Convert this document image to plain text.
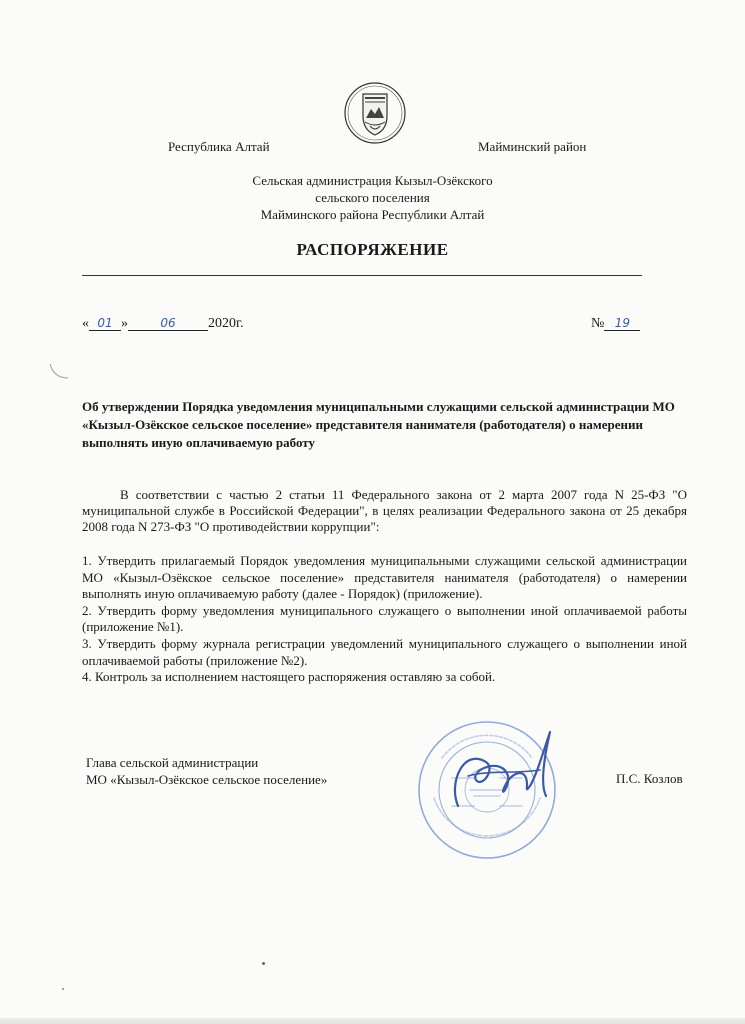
Республика Алтай	Майминский район
Сельская администрация Кызыл-Озёкского
сельского поселения
Майминского района Республики Алтай
РАСПОРЯЖЕНИЕ
« 01 »	06 2020г.	№ 19
Об утверждении Порядка уведомления муниципальными служащими сельской администрации МО «Кызыл-Озёкское сельское поселение» представителя нанимателя (работодателя) о намерении выполнять иную оплачиваемую работу
В соответствии с частью 2 статьи 11 Федерального закона от 2 марта 2007 года N 25-ФЗ "О муниципальной службе в Российской Федерации", в целях реализации Федерального закона от 25 декабря 2008 года N 273-ФЗ "О противодействии коррупции":

1. Утвердить прилагаемый Порядок уведомления муниципальными служащими сельской администрации МО «Кызыл-Озёкское сельское поселение» представителя нанимателя (работодателя) о намерении выполнять иную оплачиваемую работу (далее - Порядок) (приложение).

2. Утвердить форму уведомления муниципального служащего о выполнении иной оплачиваемой работы (приложение №1).

3. Утвердить форму журнала регистрации уведомлений муниципального служащего о выполнении иной оплачиваемой работы (приложение №2).

4. Контроль за исполнением настоящего распоряжения оставляю за собой.

Глава сельской администрации
МО «Кызыл-Озёкское сельское поселение»	П.С. Козлов
